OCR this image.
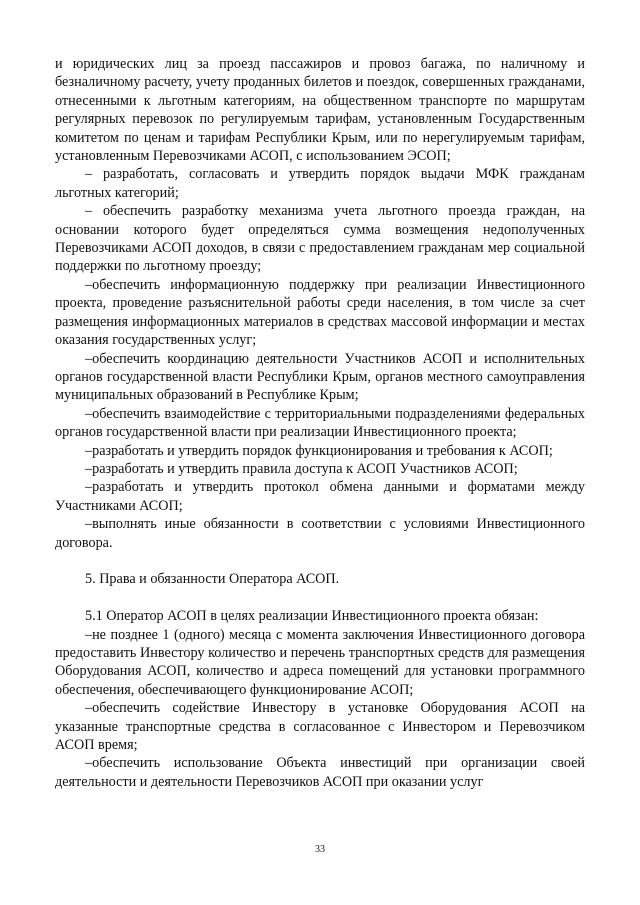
и юридических лиц за проезд пассажиров и провоз багажа, по наличному и безналичному расчету, учету проданных билетов и поездок, совершенных гражданами, отнесенными к льготным категориям, на общественном транспорте по маршрутам регулярных перевозок по регулируемым тарифам, установленным Государственным комитетом по ценам и тарифам Республики Крым, или по нерегулируемым тарифам, установленным Перевозчиками АСОП, с использованием ЭСОП;

– разработать, согласовать и утвердить порядок выдачи МФК гражданам льготных категорий;

– обеспечить разработку механизма учета льготного проезда граждан, на основании которого будет определяться сумма возмещения недополученных Перевозчиками АСОП доходов, в связи с предоставлением гражданам мер социальной поддержки по льготному проезду;

–обеспечить информационную поддержку при реализации Инвестиционного проекта, проведение разъяснительной работы среди населения, в том числе за счет размещения информационных материалов в средствах массовой информации и местах оказания государственных услуг;

–обеспечить координацию деятельности Участников АСОП и исполнительных органов государственной власти Республики Крым, органов местного самоуправления муниципальных образований в Республике Крым;

–обеспечить взаимодействие с территориальными подразделениями федеральных органов государственной власти при реализации Инвестиционного проекта;

–разработать и утвердить порядок функционирования и требования к АСОП;

–разработать и утвердить правила доступа к АСОП Участников АСОП;

–разработать и утвердить протокол обмена данными и форматами между Участниками АСОП;

–выполнять иные обязанности в соответствии с условиями Инвестиционного договора.

5. Права и обязанности Оператора АСОП.

5.1 Оператор АСОП в целях реализации Инвестиционного проекта обязан:

–не позднее 1 (одного) месяца с момента заключения Инвестиционного договора предоставить Инвестору количество и перечень транспортных средств для размещения Оборудования АСОП, количество и адреса помещений для установки программного обеспечения, обеспечивающего функционирование АСОП;

–обеспечить содействие Инвестору в установке Оборудования АСОП на указанные транспортные средства в согласованное с Инвестором и Перевозчиком АСОП время;

–обеспечить использование Объекта инвестиций при организации своей деятельности и деятельности Перевозчиков АСОП при оказании услуг

33
